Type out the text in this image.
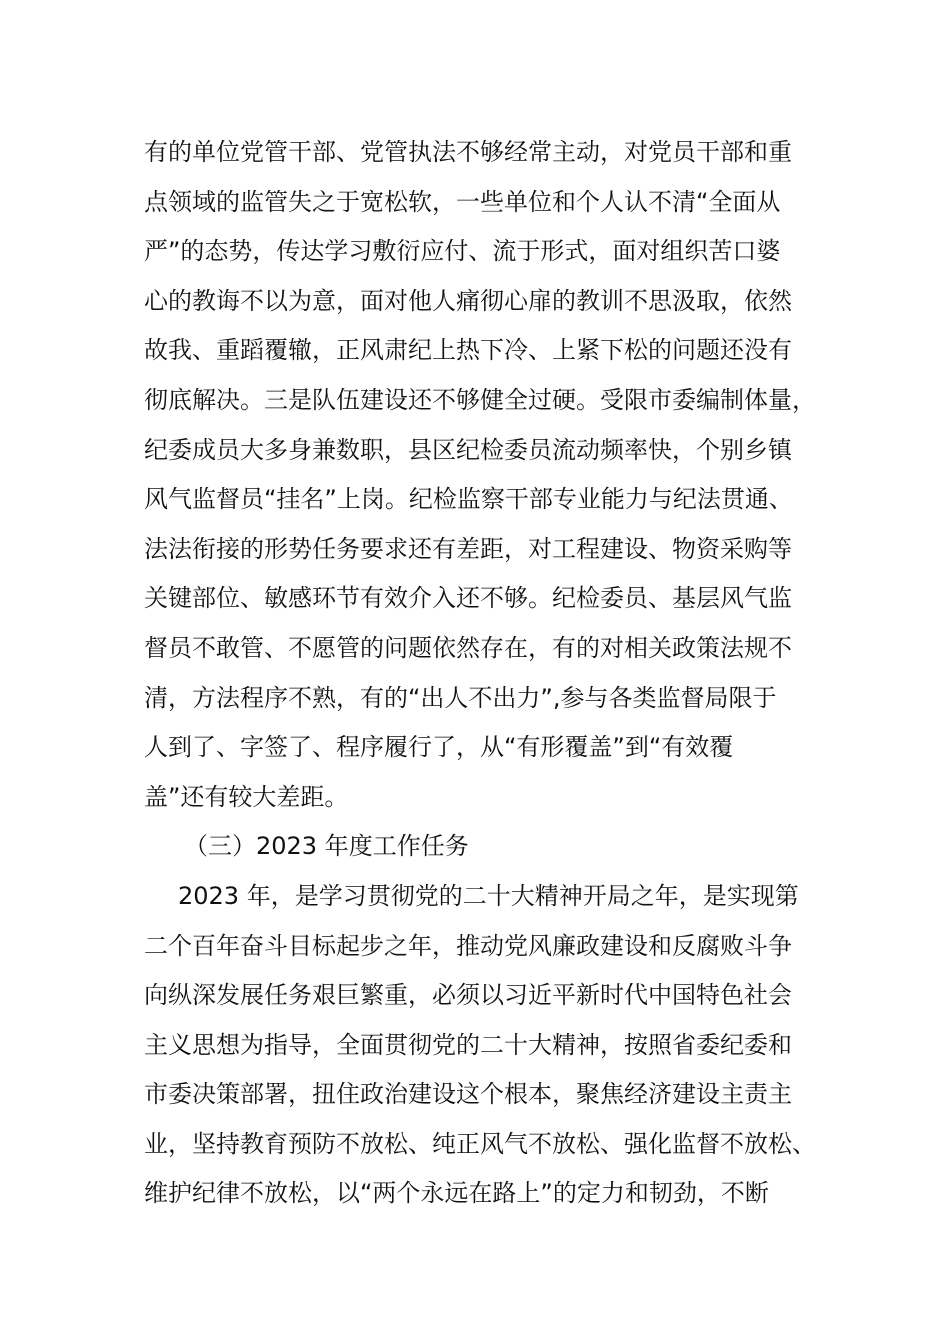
有的单位党管干部、党管执法不够经常主动，对党员干部和重
点领域的监管失之于宽松软，一些单位和个人认不清“全面从
严”的态势，传达学习敷衍应付、流于形式，面对组织苦口婆
心的教诲不以为意，面对他人痛彻心扉的教训不思汲取，依然
故我、重蹈覆辙，正风肃纪上热下冷、上紧下松的问题还没有
彻底解决。三是队伍建设还不够健全过硬。受限市委编制体量，
纪委成员大多身兼数职，县区纪检委员流动频率快，个别乡镇
风气监督员“挂名”上岗。纪检监察干部专业能力与纪法贯通、
法法衔接的形势任务要求还有差距，对工程建设、物资采购等
关键部位、敏感环节有效介入还不够。纪检委员、基层风气监
督员不敢管、不愿管的问题依然存在，有的对相关政策法规不
清，方法程序不熟，有的“出人不出力”,参与各类监督局限于
人到了、字签了、程序履行了，从“有形覆盖”到“有效覆
盖”还有较大差距。
（三）2023 年度工作任务
2023 年，是学习贯彻党的二十大精神开局之年，是实现第
二个百年奋斗目标起步之年，推动党风廉政建设和反腐败斗争
向纵深发展任务艰巨繁重，必须以习近平新时代中国特色社会
主义思想为指导，全面贯彻党的二十大精神，按照省委纪委和
市委决策部署，扭住政治建设这个根本，聚焦经济建设主责主
业，坚持教育预防不放松、纯正风气不放松、强化监督不放松、
维护纪律不放松，以“两个永远在路上”的定力和韧劲，不断
